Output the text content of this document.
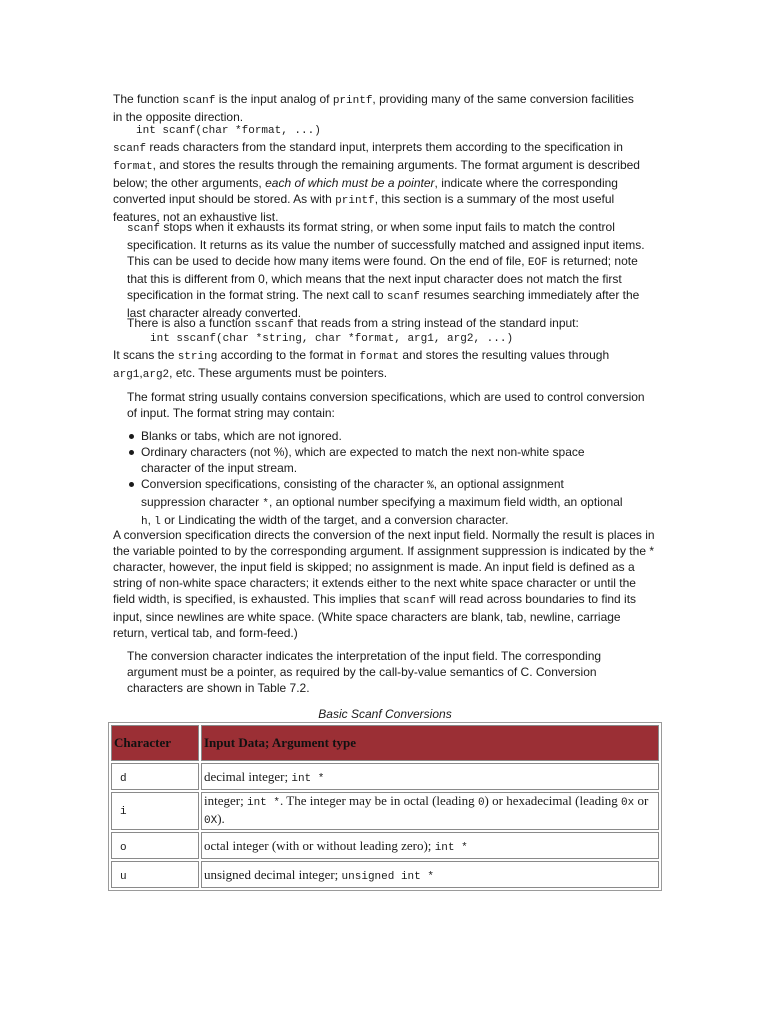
The function scanf is the input analog of printf, providing many of the same conversion facilities in the opposite direction.

int scanf(char *format, ...)

scanf reads characters from the standard input, interprets them according to the specification in format, and stores the results through the remaining arguments. The format argument is described below; the other arguments, each of which must be a pointer, indicate where the corresponding converted input should be stored. As with printf, this section is a summary of the most useful features, not an exhaustive list.

scanf stops when it exhausts its format string, or when some input fails to match the control specification. It returns as its value the number of successfully matched and assigned input items. This can be used to decide how many items were found. On the end of file, EOF is returned; note that this is different from 0, which means that the next input character does not match the first specification in the format string. The next call to scanf resumes searching immediately after the last character already converted.

There is also a function sscanf that reads from a string instead of the standard input:

int sscanf(char *string, char *format, arg1, arg2, ...)

It scans the string according to the format in format and stores the resulting values through arg1,arg2, etc. These arguments must be pointers.

The format string usually contains conversion specifications, which are used to control conversion of input. The format string may contain:

Blanks or tabs, which are not ignored.
Ordinary characters (not %), which are expected to match the next non-white space character of the input stream.
Conversion specifications, consisting of the character %, an optional assignment suppression character *, an optional number specifying a maximum field width, an optional h, l or Lindicating the width of the target, and a conversion character.

A conversion specification directs the conversion of the next input field. Normally the result is places in the variable pointed to by the corresponding argument. If assignment suppression is indicated by the * character, however, the input field is skipped; no assignment is made. An input field is defined as a string of non-white space characters; it extends either to the next white space character or until the field width, is specified, is exhausted. This implies that scanf will read across boundaries to find its input, since newlines are white space. (White space characters are blank, tab, newline, carriage return, vertical tab, and form-feed.)

The conversion character indicates the interpretation of the input field. The corresponding argument must be a pointer, as required by the call-by-value semantics of C. Conversion characters are shown in Table 7.2.

Basic Scanf Conversions
Character	Input Data; Argument type
d	decimal integer; int *
i	integer; int *. The integer may be in octal (leading 0) or hexadecimal (leading 0x or 0X).
o	octal integer (with or without leading zero); int *
u	unsigned decimal integer; unsigned int *
